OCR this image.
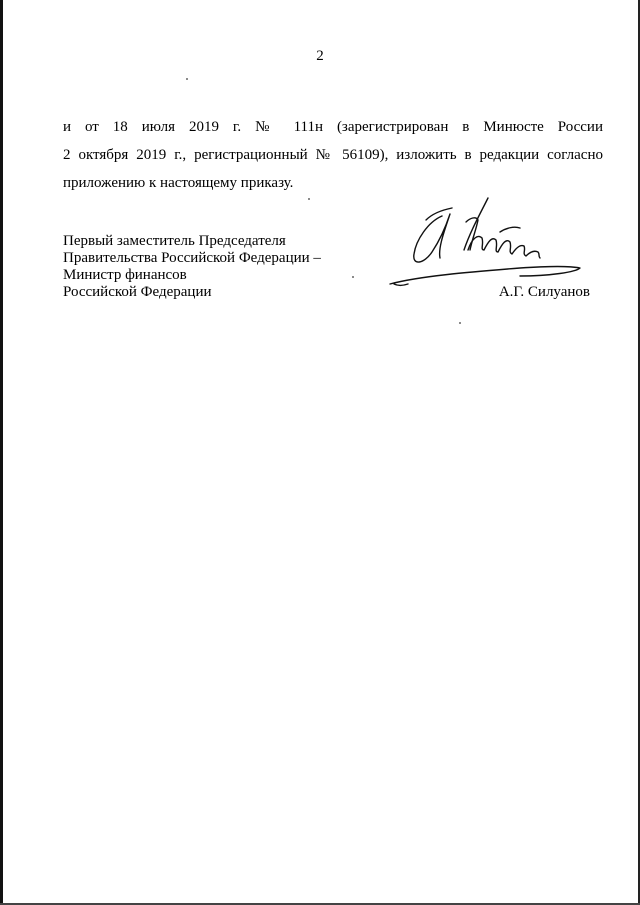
2
и от 18 июля 2019 г. № 111н (зарегистрирован в Минюсте России
2 октября 2019 г., регистрационный № 56109), изложить в редакции согласно
приложению к настоящему приказу.
Первый заместитель Председателя
Правительства Российской Федерации –
Министр финансов
Российской Федерации	А.Г. Силуанов
